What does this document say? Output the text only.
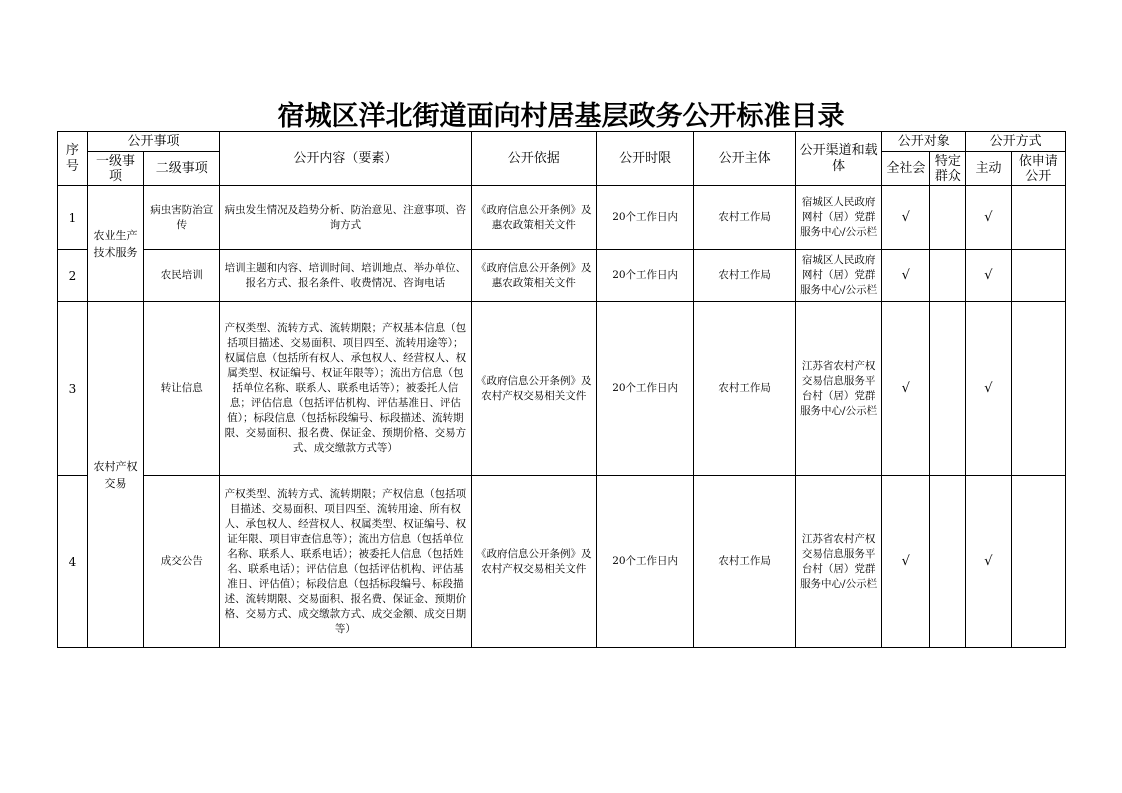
宿城区洋北街道面向村居基层政务公开标准目录
序号	公开事项		公开内容（要素）	公开依据	公开时限	公开主体	公开渠道和载体	公开对象		公开方式	
	一级事项	二级事项						全社会	特定群众	主动	依申请公开
1	农业生产技术服务	病虫害防治宣传	病虫发生情况及趋势分析、防治意见、注意事项、咨询方式	《政府信息公开条例》及惠农政策相关文件	20个工作日内	农村工作局	宿城区人民政府网村（居）党群服务中心/公示栏	√		√	
2		农民培训	培训主题和内容、培训时间、培训地点、举办单位、报名方式、报名条件、收费情况、咨询电话	《政府信息公开条例》及惠农政策相关文件	20个工作日内	农村工作局	宿城区人民政府网村（居）党群服务中心/公示栏	√		√	
3	农村产权交易	转让信息	产权类型、流转方式、流转期限；产权基本信息（包括项目描述、交易面积、项目四至、流转用途等）；权属信息（包括所有权人、承包权人、经营权人、权属类型、权证编号、权证年限等）；流出方信息（包括单位名称、联系人、联系电话等）；被委托人信息；评估信息（包括评估机构、评估基准日、评估值）；标段信息（包括标段编号、标段描述、流转期限、交易面积、报名费、保证金、预期价格、交易方式、成交缴款方式等）	《政府信息公开条例》及农村产权交易相关文件	20个工作日内	农村工作局	江苏省农村产权交易信息服务平台村（居）党群服务中心/公示栏	√		√	
4		成交公告	产权类型、流转方式、流转期限；产权信息（包括项目描述、交易面积、项目四至、流转用途、所有权人、承包权人、经营权人、权属类型、权证编号、权证年限、项目审查信息等）；流出方信息（包括单位名称、联系人、联系电话）；被委托人信息（包括姓名、联系电话）；评估信息（包括评估机构、评估基准日、评估值）；标段信息（包括标段编号、标段描述、流转期限、交易面积、报名费、保证金、预期价格、交易方式、成交缴款方式、成交金额、成交日期等）	《政府信息公开条例》及农村产权交易相关文件	20个工作日内	农村工作局	江苏省农村产权交易信息服务平台村（居）党群服务中心/公示栏	√		√	
